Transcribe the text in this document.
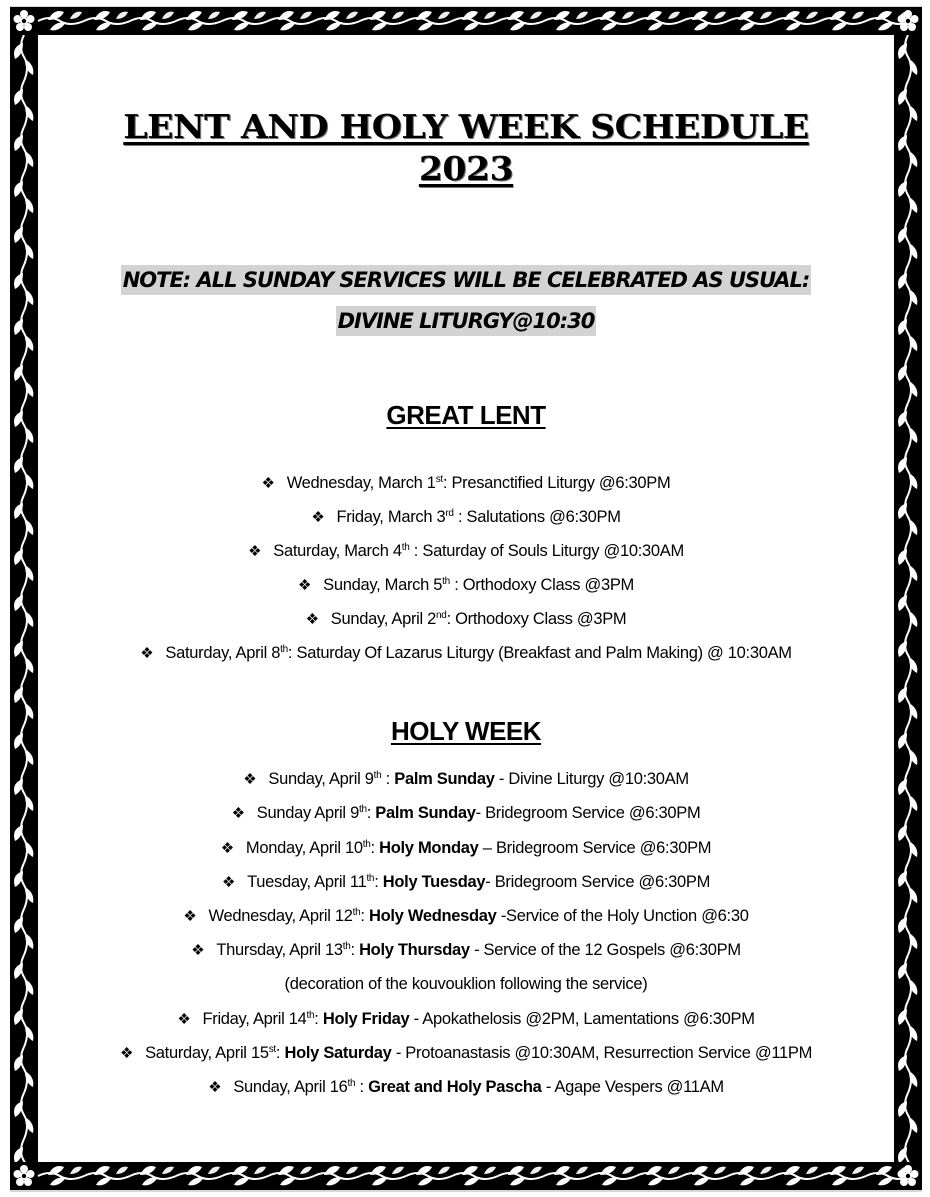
LENT AND HOLY WEEK SCHEDULE
2023
NOTE: ALL SUNDAY SERVICES WILL BE CELEBRATED AS USUAL:
DIVINE LITURGY@10:30
GREAT LENT
❖ Wednesday, March 1st: Presanctified Liturgy @6:30PM
❖ Friday, March 3rd : Salutations @6:30PM
❖ Saturday, March 4th : Saturday of Souls Liturgy @10:30AM
❖ Sunday, March 5th : Orthodoxy Class @3PM
❖ Sunday, April 2nd: Orthodoxy Class @3PM
❖ Saturday, April 8th: Saturday Of Lazarus Liturgy (Breakfast and Palm Making) @ 10:30AM
HOLY WEEK
❖ Sunday, April 9th : Palm Sunday - Divine Liturgy @10:30AM
❖ Sunday April 9th: Palm Sunday- Bridegroom Service @6:30PM
❖ Monday, April 10th: Holy Monday – Bridegroom Service @6:30PM
❖ Tuesday, April 11th: Holy Tuesday- Bridegroom Service @6:30PM
❖ Wednesday, April 12th: Holy Wednesday -Service of the Holy Unction @6:30
❖ Thursday, April 13th: Holy Thursday - Service of the 12 Gospels @6:30PM
(decoration of the kouvouklion following the service)
❖ Friday, April 14th: Holy Friday - Apokathelosis @2PM, Lamentations @6:30PM
❖ Saturday, April 15st: Holy Saturday - Protoanastasis @10:30AM, Resurrection Service @11PM
❖ Sunday, April 16th : Great and Holy Pascha - Agape Vespers @11AM
